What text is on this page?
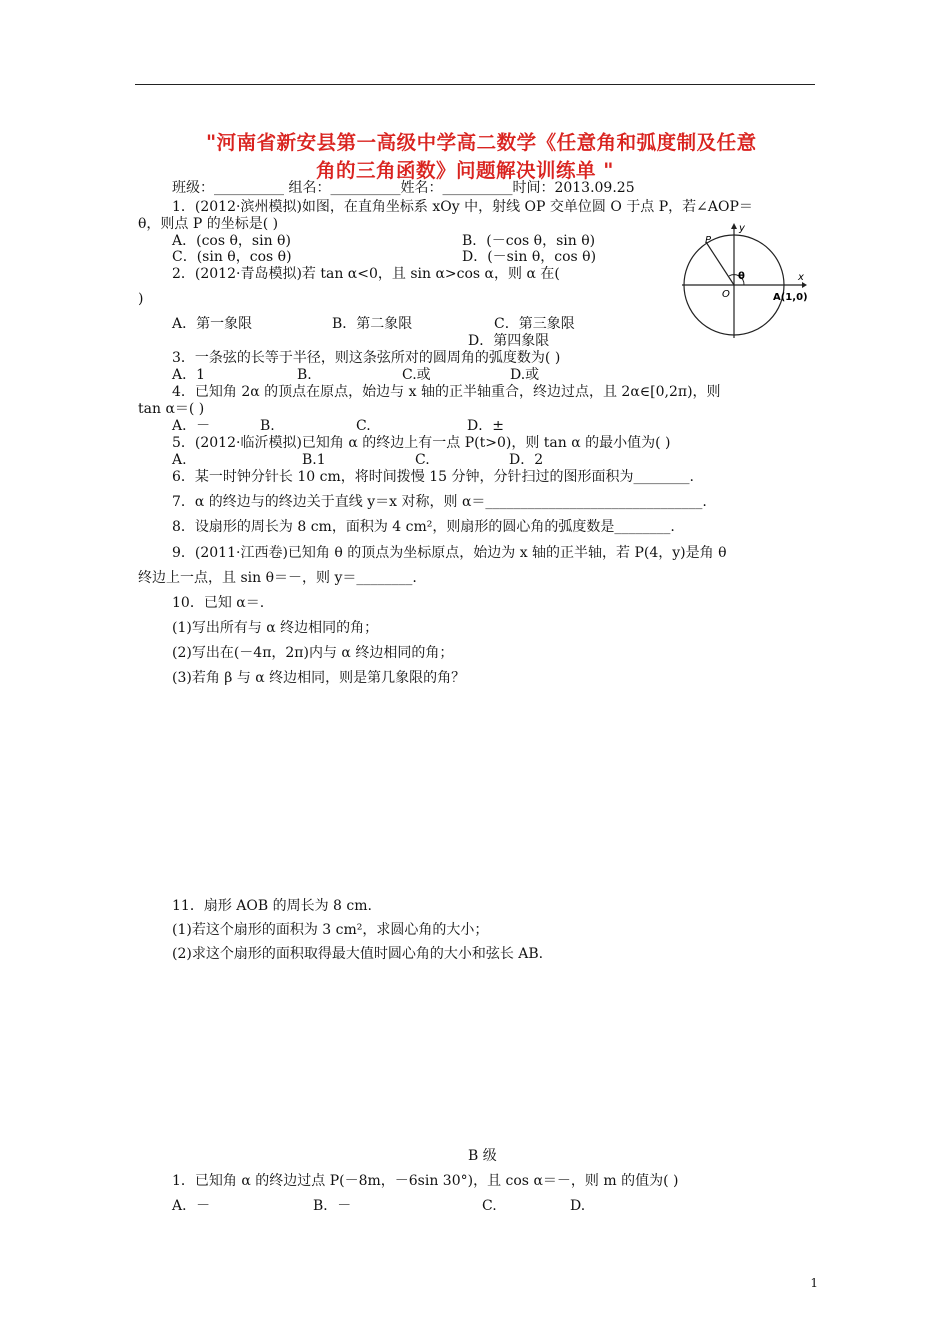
"河南省新安县第一高级中学高二数学《任意角和弧度制及任意
角的三角函数》问题解决训练单 "
班级：__________ 组名：__________姓名：__________时间：2013.09.25
1．(2012·滨州模拟)如图，在直角坐标系 xOy 中，射线 OP 交单位圆 O 于点 P，若∠AOP＝
θ，则点 P 的坐标是( )
A．(cos θ，sin θ)	B．(－cos θ，sin θ)
C．(sin θ，cos θ)	D．(－sin θ，cos θ)
2．(2012·青岛模拟)若 tan α<0，且 sin α>cos α，则 α 在(
)
A．第一象限	B．第二象限	C．第三象限
D．第四象限
3．一条弦的长等于半径，则这条弦所对的圆周角的弧度数为( )
A．1	B.	C.或	D.或
4．已知角 2α 的顶点在原点，始边与 x 轴的正半轴重合，终边过点，且 2α∈[0,2π)，则
tan α＝( )
A．－	B.	C.	D．±
5．(2012·临沂模拟)已知角 α 的终边上有一点 P(t>0)，则 tan α 的最小值为( )
A.	B.1	C.	D．2
6．某一时钟分针长 10 cm，将时间拨慢 15 分钟，分针扫过的图形面积为________.
7．α 的终边与的终边关于直线 y＝x 对称，则 α＝_______________________________.
8．设扇形的周长为 8 cm，面积为 4 cm²，则扇形的圆心角的弧度数是________.
9．(2011·江西卷)已知角 θ 的顶点为坐标原点，始边为 x 轴的正半轴，若 P(4，y)是角 θ
终边上一点，且 sin θ＝－，则 y＝________.
10．已知 α＝.
(1)写出所有与 α 终边相同的角；
(2)写出在(－4π，2π)内与 α 终边相同的角；
(3)若角 β 与 α 终边相同，则是第几象限的角？
11．扇形 AOB 的周长为 8 cm.
(1)若这个扇形的面积为 3 cm²，求圆心角的大小；
(2)求这个扇形的面积取得最大值时圆心角的大小和弦长 AB.
B 级
1．已知角 α 的终边过点 P(－8m，－6sin 30°)，且 cos α＝－，则 m 的值为( )
A．－	B．－	C.	D.
y
P
θ	x
O	A(1,0)
1
